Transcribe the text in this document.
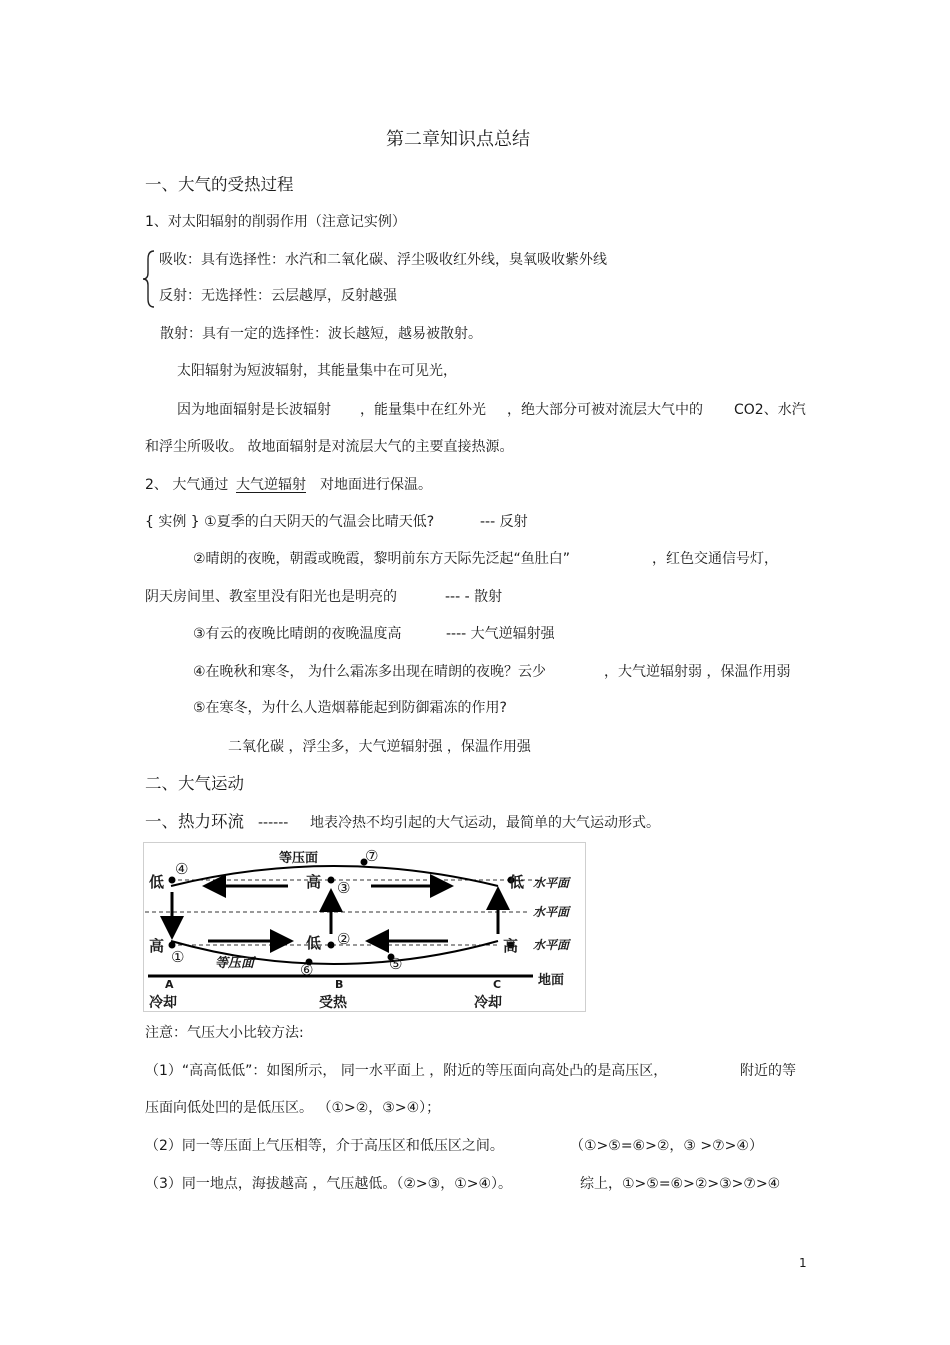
第二章知识点总结
一、大气的受热过程
1、对太阳辐射的削弱作用（注意记实例）
吸收：具有选择性：水汽和二氧化碳、浮尘吸收红外线，臭氧吸收紫外线
反射：无选择性：云层越厚，反射越强
散射：具有一定的选择性：波长越短，越易被散射。
太阳辐射为短波辐射，其能量集中在可见光，
因为地面辐射是长波辐射 ，能量集中在红外光 ，绝大部分可被对流层大气中的 CO2、水汽
和浮尘所吸收。 故地面辐射是对流层大气的主要直接热源。
2、 大气通过 大气逆辐射 对地面进行保温。
{ 实例 } ①夏季的白天阴天的气温会比晴天低?	--- 反射
②晴朗的夜晚，朝霞或晚霞，黎明前东方天际先泛起“鱼肚白”	，红色交通信号灯，
阴天房间里、教室里没有阳光也是明亮的	--- - 散射
③有云的夜晚比晴朗的夜晚温度高	---- 大气逆辐射强
④在晚秋和寒冬， 为什么霜冻多出现在晴朗的夜晚？云少	，大气逆辐射弱 ，保温作用弱
⑤在寒冬，为什么人造烟幕能起到防御霜冻的作用?
二氧化碳 ，浮尘多，大气逆辐射强 ，保温作用强
二、大气运动
一、热力环流 ------ 地表冷热不均引起的大气运动，最简单的大气运动形式。
等压面	⑦
④
低	高 ③	低 水平面
水平面
水平面
高	低 ②	高
① 等压面	⑥	⑤
地面
A	B	C
冷却	受热	冷却
注意：气压大小比较方法:
（1）“高高低低”：如图所示， 同一水平面上 ，附近的等压面向高处凸的是高压区，	附近的等
压面向低处凹的是低压区。 （①>②，③>④）；
（2）同一等压面上气压相等，介于高压区和低压区之间。	（①>⑤=⑥>②，③ >⑦>④）
（3）同一地点，海拔越高 ，气压越低。（②>③，①>④）。	综上，①>⑤=⑥>②>③>⑦>④
1
